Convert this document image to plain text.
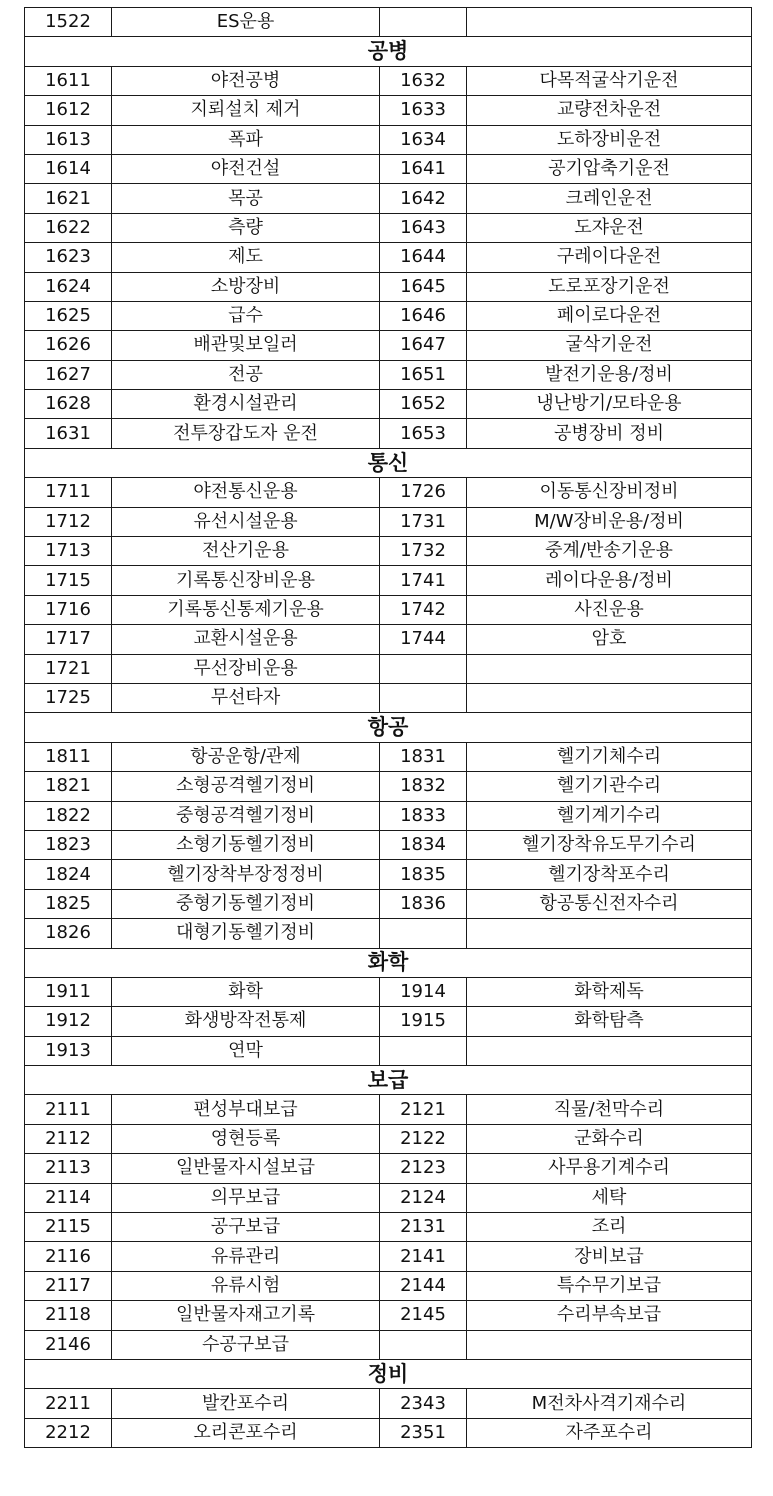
1522	ES운용		
공병			
1611	야전공병	1632	다목적굴삭기운전
1612	지뢰설치 제거	1633	교량전차운전
1613	폭파	1634	도하장비운전
1614	야전건설	1641	공기압축기운전
1621	목공	1642	크레인운전
1622	측량	1643	도쟈운전
1623	제도	1644	구레이다운전
1624	소방장비	1645	도로포장기운전
1625	급수	1646	페이로다운전
1626	배관및보일러	1647	굴삭기운전
1627	전공	1651	발전기운용/정비
1628	환경시설관리	1652	냉난방기/모타운용
1631	전투장갑도자 운전	1653	공병장비 정비
통신			
1711	야전통신운용	1726	이동통신장비정비
1712	유선시설운용	1731	M/W장비운용/정비
1713	전산기운용	1732	중계/반송기운용
1715	기록통신장비운용	1741	레이다운용/정비
1716	기록통신통제기운용	1742	사진운용
1717	교환시설운용	1744	암호
1721	무선장비운용		
1725	무선타자		
항공			
1811	항공운항/관제	1831	헬기기체수리
1821	소형공격헬기정비	1832	헬기기관수리
1822	중형공격헬기정비	1833	헬기계기수리
1823	소형기동헬기정비	1834	헬기장착유도무기수리
1824	헬기장착부장정정비	1835	헬기장착포수리
1825	중형기동헬기정비	1836	항공통신전자수리
1826	대형기동헬기정비		
화학			
1911	화학	1914	화학제독
1912	화생방작전통제	1915	화학탐측
1913	연막		
보급			
2111	편성부대보급	2121	직물/천막수리
2112	영현등록	2122	군화수리
2113	일반물자시설보급	2123	사무용기계수리
2114	의무보급	2124	세탁
2115	공구보급	2131	조리
2116	유류관리	2141	장비보급
2117	유류시험	2144	특수무기보급
2118	일반물자재고기록	2145	수리부속보급
2146	수공구보급		
정비			
2211	발칸포수리	2343	M전차사격기재수리
2212	오리콘포수리	2351	자주포수리
